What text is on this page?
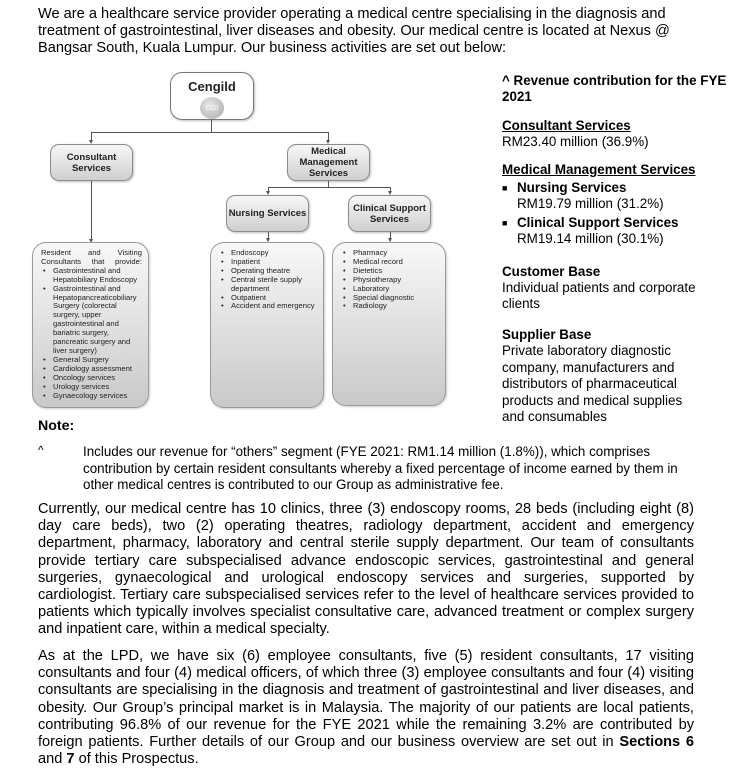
We are a healthcare service provider operating a medical centre specialising in the diagnosis and treatment of gastrointestinal, liver diseases and obesity. Our medical centre is located at Nexus @ Bangsar South, Kuala Lumpur. Our business activities are set out below:

Cengild
CGI
Consultant Services
Medical Management Services
Nursing Services	Clinical Support Services
Resident and Visiting Consultants that provide:
• Gastrointestinal and Hepatobiliary Endoscopy
• Gastrointestinal and Hepatopancreaticobiliary Surgery (colorectal surgery, upper gastrointestinal and bariatric surgery, pancreatic surgery and liver surgery)
• General Surgery
• Cardiology assessment
• Oncology services
• Urology services
• Gynaecology services
• Endoscopy
• Inpatient
• Operating theatre
• Central sterile supply department
• Outpatient
• Accident and emergency
• Pharmacy
• Medical record
• Dietetics
• Physiotherapy
• Laboratory
• Special diagnostic
• Radiology
^ Revenue contribution for the FYE 2021
Consultant Services
RM23.40 million (36.9%)
Medical Management Services
■ Nursing Services
RM19.79 million (31.2%)
■ Clinical Support Services
RM19.14 million (30.1%)
Customer Base
Individual patients and corporate clients
Supplier Base
Private laboratory diagnostic company, manufacturers and distributors of pharmaceutical products and medical supplies and consumables
Note:
^	Includes our revenue for “others” segment (FYE 2021: RM1.14 million (1.8%)), which comprises contribution by certain resident consultants whereby a fixed percentage of income earned by them in other medical centres is contributed to our Group as administrative fee.

Currently, our medical centre has 10 clinics, three (3) endoscopy rooms, 28 beds (including eight (8) day care beds), two (2) operating theatres, radiology department, accident and emergency department, pharmacy, laboratory and central sterile supply department. Our team of consultants provide tertiary care subspecialised advance endoscopic services, gastrointestinal and general surgeries, gynaecological and urological endoscopy services and surgeries, supported by cardiologist. Tertiary care subspecialised services refer to the level of healthcare services provided to patients which typically involves specialist consultative care, advanced treatment or complex surgery and inpatient care, within a medical specialty.

As at the LPD, we have six (6) employee consultants, five (5) resident consultants, 17 visiting consultants and four (4) medical officers, of which three (3) employee consultants and four (4) visiting consultants are specialising in the diagnosis and treatment of gastrointestinal and liver diseases, and obesity. Our Group’s principal market is in Malaysia. The majority of our patients are local patients, contributing 96.8% of our revenue for the FYE 2021 while the remaining 3.2% are contributed by foreign patients. Further details of our Group and our business overview are set out in Sections 6 and 7 of this Prospectus.
